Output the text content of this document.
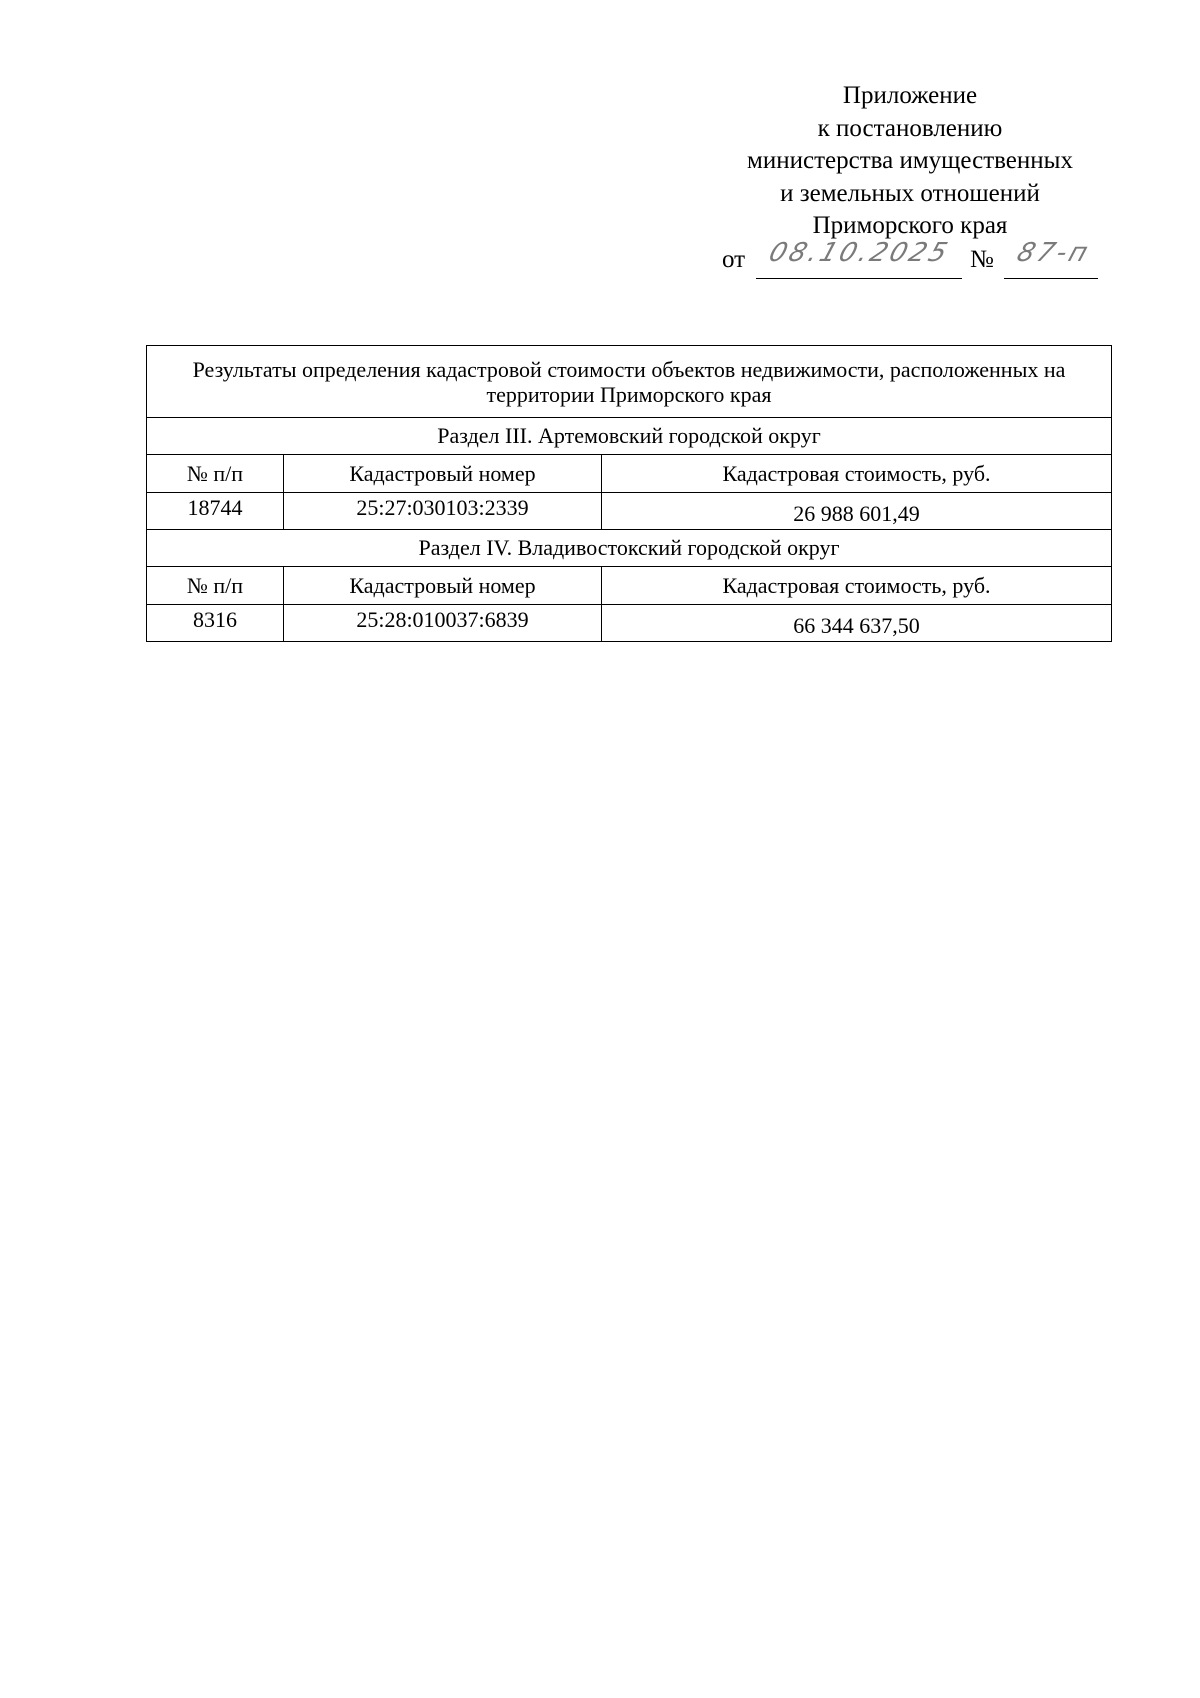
Приложение
к постановлению
министерства имущественных
и земельных отношений
Приморского края
от 08.10.2025 № 87-п
Результаты определения кадастровой стоимости объектов недвижимости, расположенных на территории Приморского края		
Раздел III. Артемовский городской округ		
№ п/п	Кадастровый номер	Кадастровая стоимость, руб.
18744	25:27:030103:2339	26 988 601,49
Раздел IV. Владивостокский городской округ		
№ п/п	Кадастровый номер	Кадастровая стоимость, руб.
8316	25:28:010037:6839	66 344 637,50
